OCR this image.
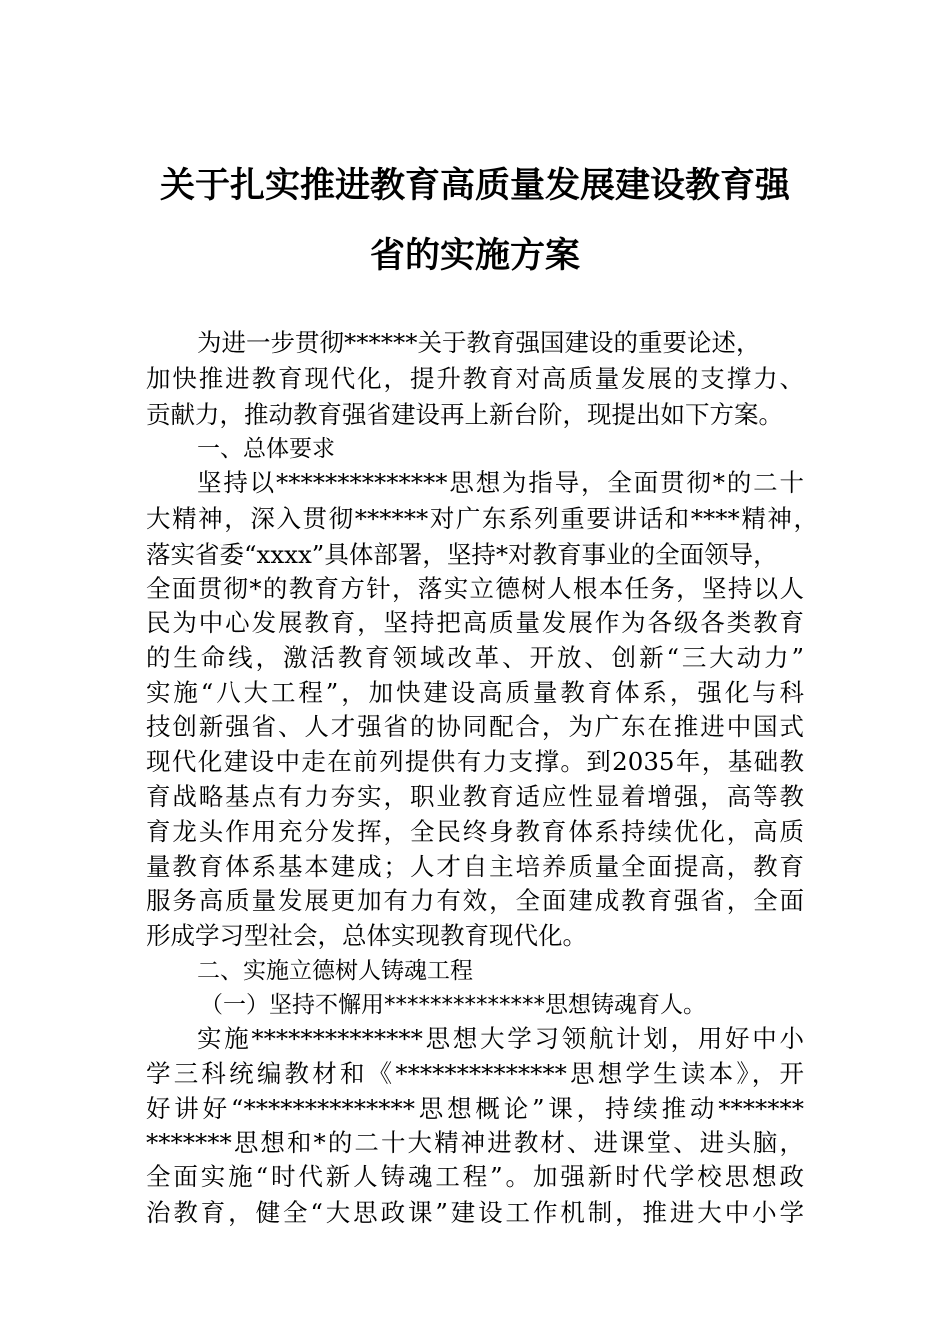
关于扎实推进教育高质量发展建设教育强
省的实施方案
为进一步贯彻******关于教育强国建设的重要论述，
加快推进教育现代化，提升教育对高质量发展的支撑力、
贡献力，推动教育强省建设再上新台阶，现提出如下方案。
一、总体要求
坚持以**************思想为指导，全面贯彻*的二十
大精神，深入贯彻******对广东系列重要讲话和****精神，
落实省委“xxxx”具体部署，坚持*对教育事业的全面领导，
全面贯彻*的教育方针，落实立德树人根本任务，坚持以人
民为中心发展教育，坚持把高质量发展作为各级各类教育
的生命线，激活教育领域改革、开放、创新“三大动力”
实施“八大工程”，加快建设高质量教育体系，强化与科
技创新强省、人才强省的协同配合，为广东在推进中国式
现代化建设中走在前列提供有力支撑。到2035年，基础教
育战略基点有力夯实，职业教育适应性显着增强，高等教
育龙头作用充分发挥，全民终身教育体系持续优化，高质
量教育体系基本建成；人才自主培养质量全面提高，教育
服务高质量发展更加有力有效，全面建成教育强省，全面
形成学习型社会，总体实现教育现代化。
二、实施立德树人铸魂工程
（一）坚持不懈用**************思想铸魂育人。
实施**************思想大学习领航计划，用好中小
学三科统编教材和《**************思想学生读本》，开
好讲好“**************思想概论”课，持续推动*******
*******思想和*的二十大精神进教材、进课堂、进头脑，
全面实施“时代新人铸魂工程”。加强新时代学校思想政
治教育，健全“大思政课”建设工作机制，推进大中小学
